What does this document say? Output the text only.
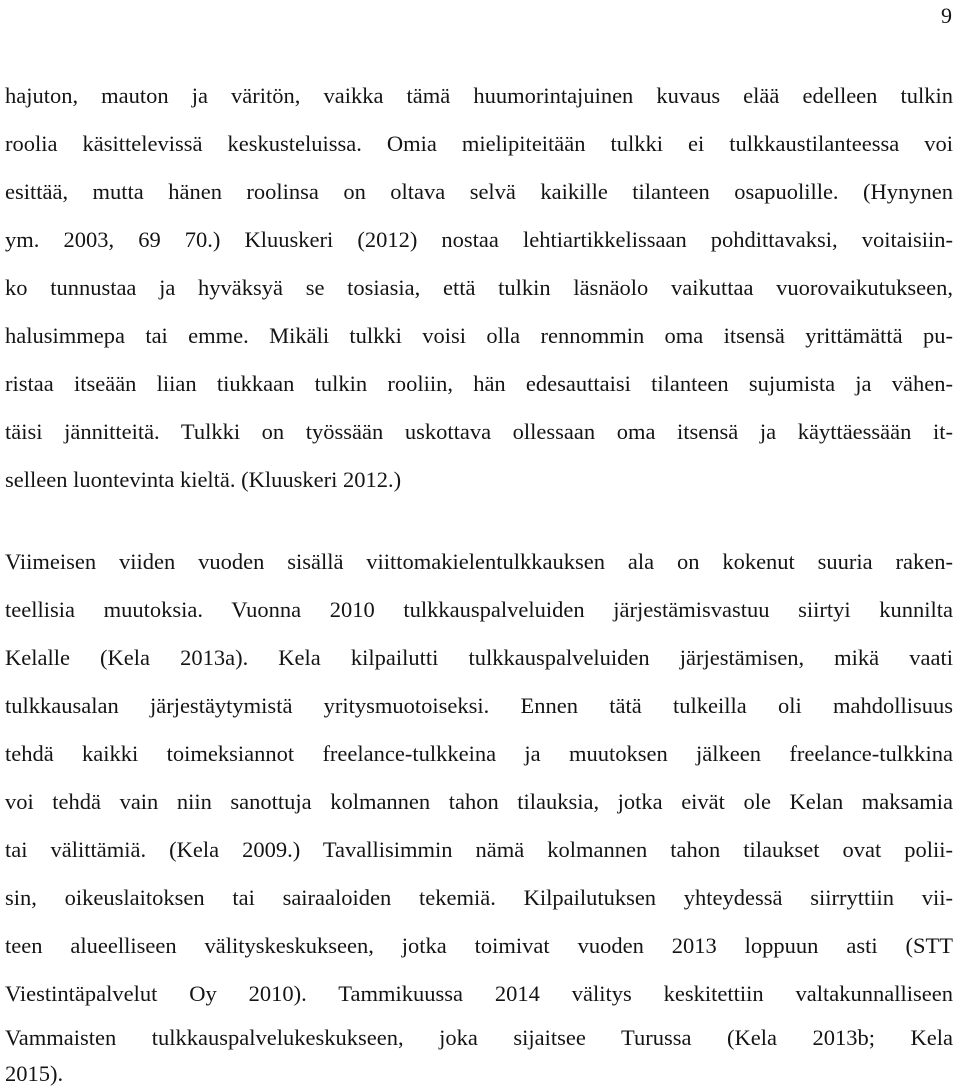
9
hajuton, mauton ja väritön, vaikka tämä huumorintajuinen kuvaus elää edelleen tulkin
roolia käsittelevissä keskusteluissa. Omia mielipiteitään tulkki ei tulkkaustilanteessa voi
esittää, mutta hänen roolinsa on oltava selvä kaikille tilanteen osapuolille. (Hynynen
ym. 2003, 69 70.) Kluuskeri (2012) nostaa lehtiartikkelissaan pohdittavaksi, voitaisiin-
ko tunnustaa ja hyväksyä se tosiasia, että tulkin läsnäolo vaikuttaa vuorovaikutukseen,
halusimmepa tai emme. Mikäli tulkki voisi olla rennommin oma itsensä yrittämättä pu-
ristaa itseään liian tiukkaan tulkin rooliin, hän edesauttaisi tilanteen sujumista ja vähen-
täisi jännitteitä. Tulkki on työssään uskottava ollessaan oma itsensä ja käyttäessään it-
selleen luontevinta kieltä. (Kluuskeri 2012.)
Viimeisen viiden vuoden sisällä viittomakielentulkkauksen ala on kokenut suuria raken-
teellisia muutoksia. Vuonna 2010 tulkkauspalveluiden järjestämisvastuu siirtyi kunnilta
Kelalle (Kela 2013a). Kela kilpailutti tulkkauspalveluiden järjestämisen, mikä vaati
tulkkausalan järjestäytymistä yritysmuotoiseksi. Ennen tätä tulkeilla oli mahdollisuus
tehdä kaikki toimeksiannot freelance-tulkkeina ja muutoksen jälkeen freelance-tulkkina
voi tehdä vain niin sanottuja kolmannen tahon tilauksia, jotka eivät ole Kelan maksamia
tai välittämiä. (Kela 2009.) Tavallisimmin nämä kolmannen tahon tilaukset ovat polii-
sin, oikeuslaitoksen tai sairaaloiden tekemiä. Kilpailutuksen yhteydessä siirryttiin vii-
teen alueelliseen välityskeskukseen, jotka toimivat vuoden 2013 loppuun asti (STT
Viestintäpalvelut Oy 2010). Tammikuussa 2014 välitys keskitettiin valtakunnalliseen
Vammaisten tulkkauspalvelukeskukseen, joka sijaitsee Turussa (Kela 2013b; Kela
2015).
